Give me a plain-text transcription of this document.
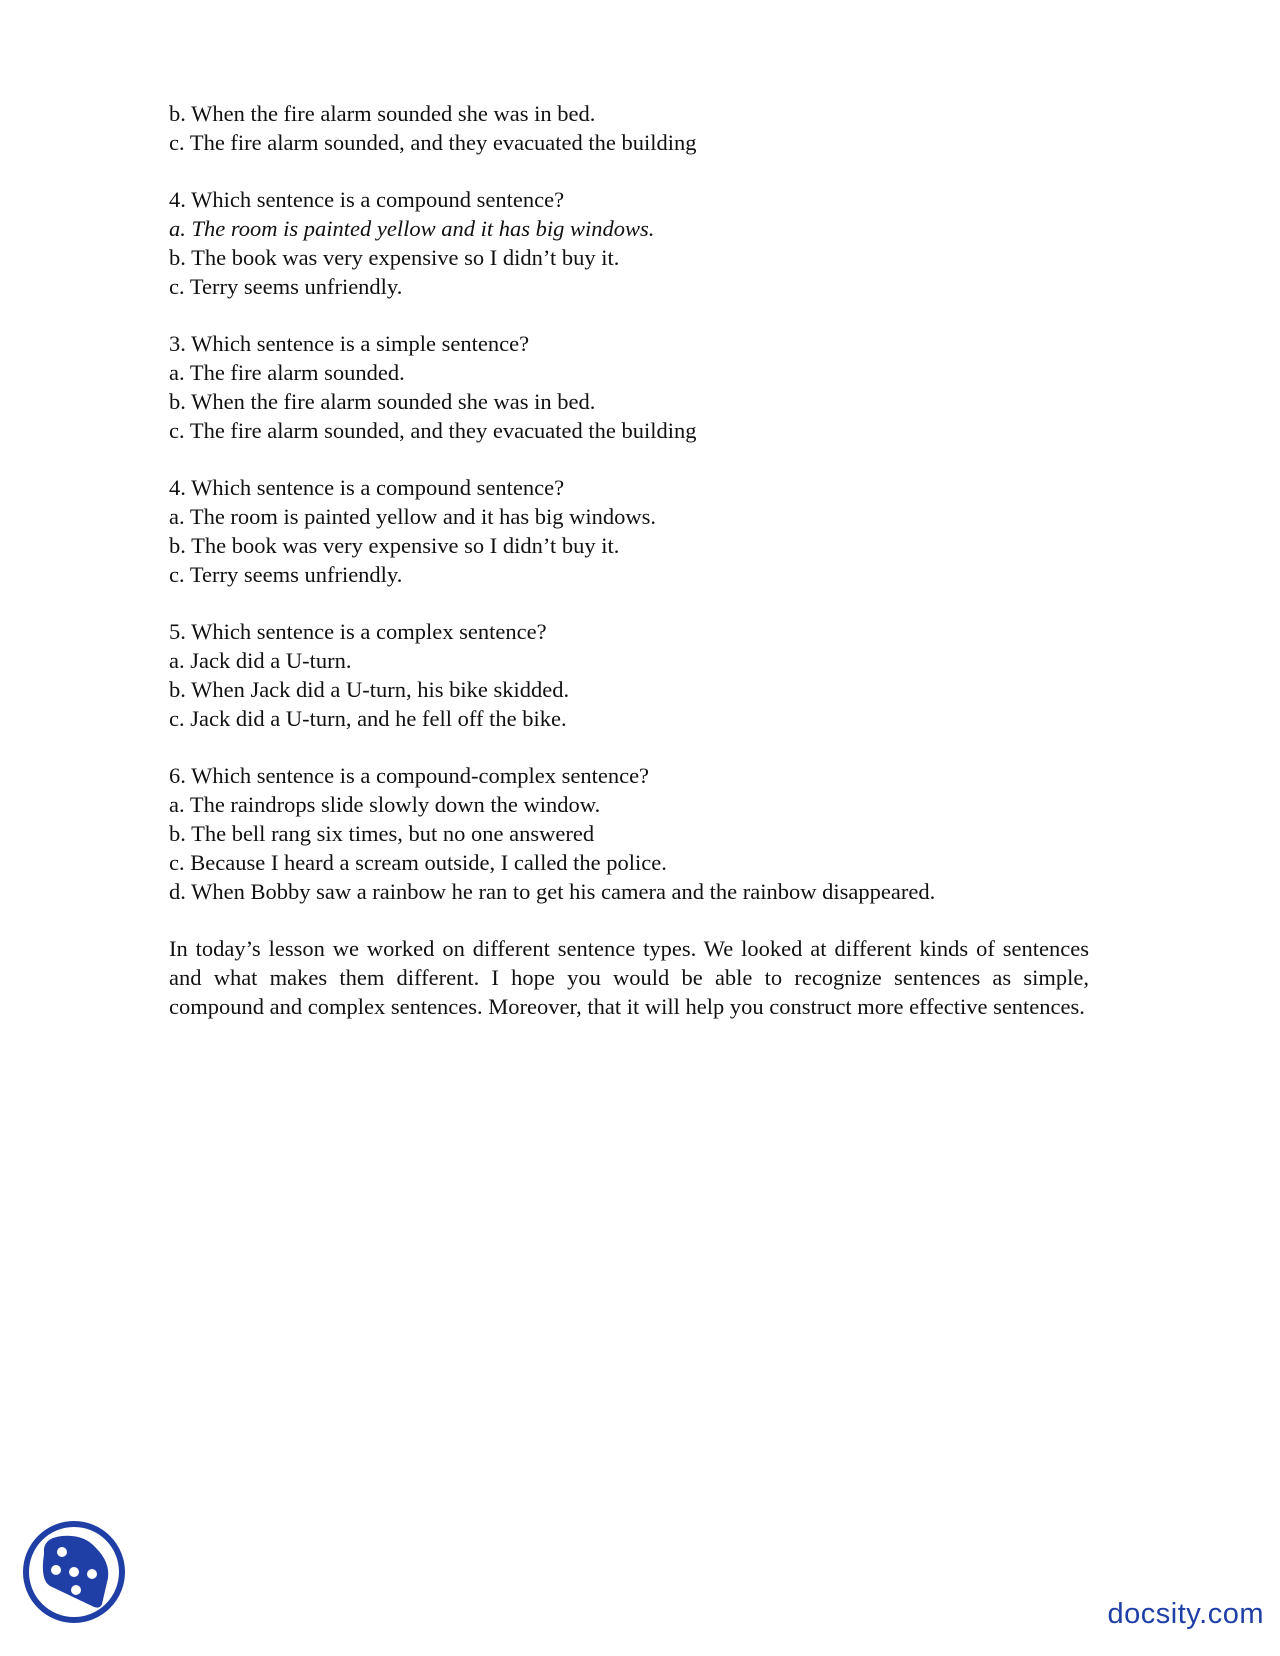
b. When the fire alarm sounded she was in bed.

c. The fire alarm sounded, and they evacuated the building

4. Which sentence is a compound sentence?

a. The room is painted yellow and it has big windows.

b. The book was very expensive so I didn’t buy it.

c. Terry seems unfriendly.

3. Which sentence is a simple sentence?

a. The fire alarm sounded.

b. When the fire alarm sounded she was in bed.

c. The fire alarm sounded, and they evacuated the building

4. Which sentence is a compound sentence?

a. The room is painted yellow and it has big windows.

b. The book was very expensive so I didn’t buy it.

c. Terry seems unfriendly.

5. Which sentence is a complex sentence?

a. Jack did a U-turn.

b. When Jack did a U-turn, his bike skidded.

c. Jack did a U-turn, and he fell off the bike.

6. Which sentence is a compound-complex sentence?

a. The raindrops slide slowly down the window.

b. The bell rang six times, but no one answered

c. Because I heard a scream outside, I called the police.

d. When Bobby saw a rainbow he ran to get his camera and the rainbow disappeared.

In today’s lesson we worked on different sentence types. We looked at different kinds of sentences and what makes them different. I hope you would be able to recognize sentences as simple, compound and complex sentences. Moreover, that it will help you construct more effective sentences.

docsity.com
